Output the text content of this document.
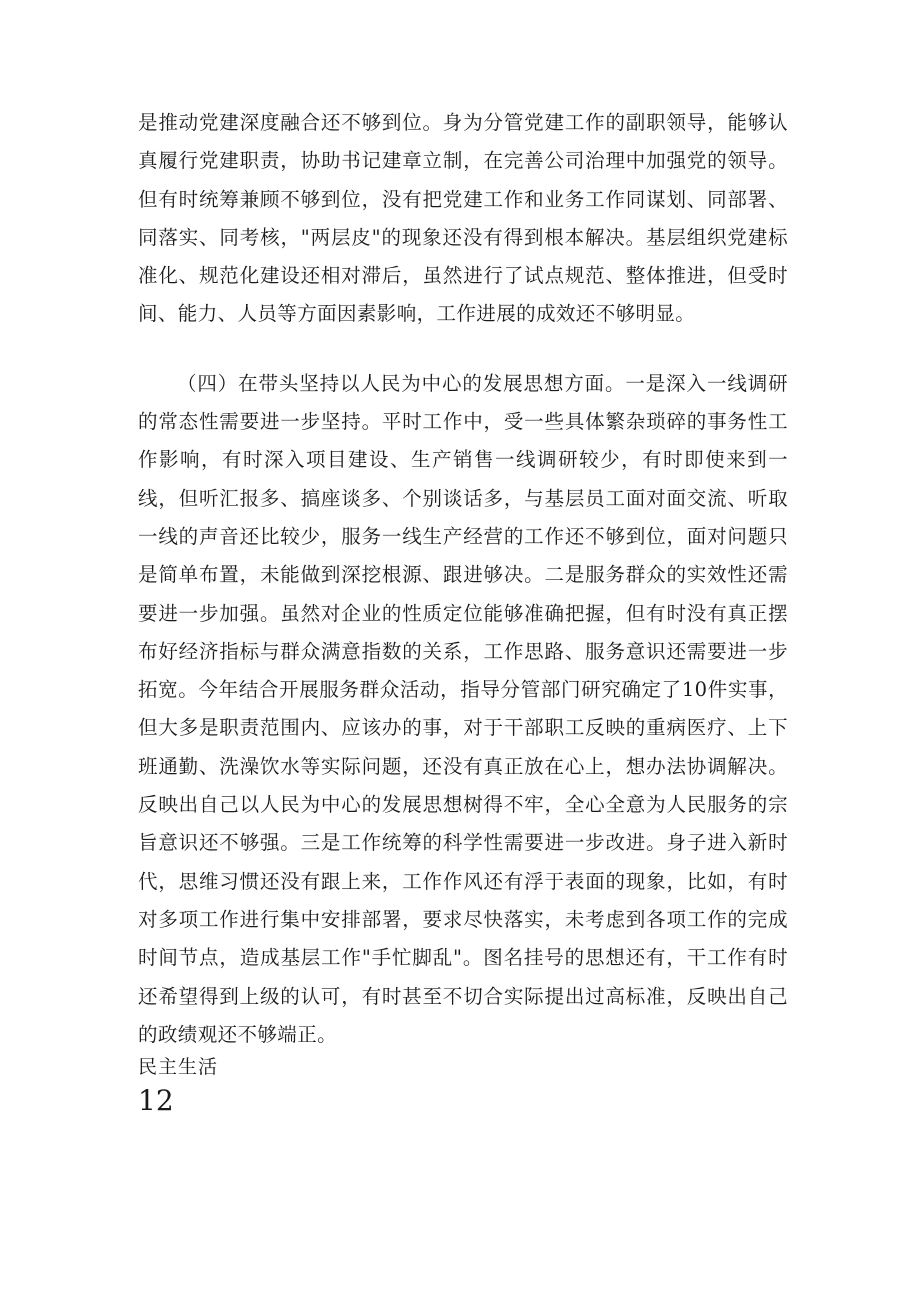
是推动党建深度融合还不够到位。身为分管党建工作的副职领导，能够认真履行党建职责，协助书记建章立制，在完善公司治理中加强党的领导。但有时统筹兼顾不够到位，没有把党建工作和业务工作同谋划、同部署、同落实、同考核，"两层皮"的现象还没有得到根本解决。基层组织党建标准化、规范化建设还相对滞后，虽然进行了试点规范、整体推进，但受时间、能力、人员等方面因素影响，工作进展的成效还不够明显。

（四）在带头坚持以人民为中心的发展思想方面。一是深入一线调研的常态性需要进一步坚持。平时工作中，受一些具体繁杂琐碎的事务性工作影响，有时深入项目建设、生产销售一线调研较少，有时即使来到一线，但听汇报多、搞座谈多、个别谈话多，与基层员工面对面交流、听取一线的声音还比较少，服务一线生产经营的工作还不够到位，面对问题只是简单布置，未能做到深挖根源、跟进够决。二是服务群众的实效性还需要进一步加强。虽然对企业的性质定位能够准确把握，但有时没有真正摆布好经济指标与群众满意指数的关系，工作思路、服务意识还需要进一步拓宽。今年结合开展服务群众活动，指导分管部门研究确定了10件实事，但大多是职责范围内、应该办的事，对于干部职工反映的重病医疗、上下班通勤、洗澡饮水等实际问题，还没有真正放在心上，想办法协调解决。反映出自己以人民为中心的发展思想树得不牢，全心全意为人民服务的宗旨意识还不够强。三是工作统筹的科学性需要进一步改进。身子进入新时代，思维习惯还没有跟上来，工作作风还有浮于表面的现象，比如，有时对多项工作进行集中安排部署，要求尽快落实，未考虑到各项工作的完成时间节点，造成基层工作"手忙脚乱"。图名挂号的思想还有，干工作有时还希望得到上级的认可，有时甚至不切合实际提出过高标准，反映出自己的政绩观还不够端正。

民主生活
12
